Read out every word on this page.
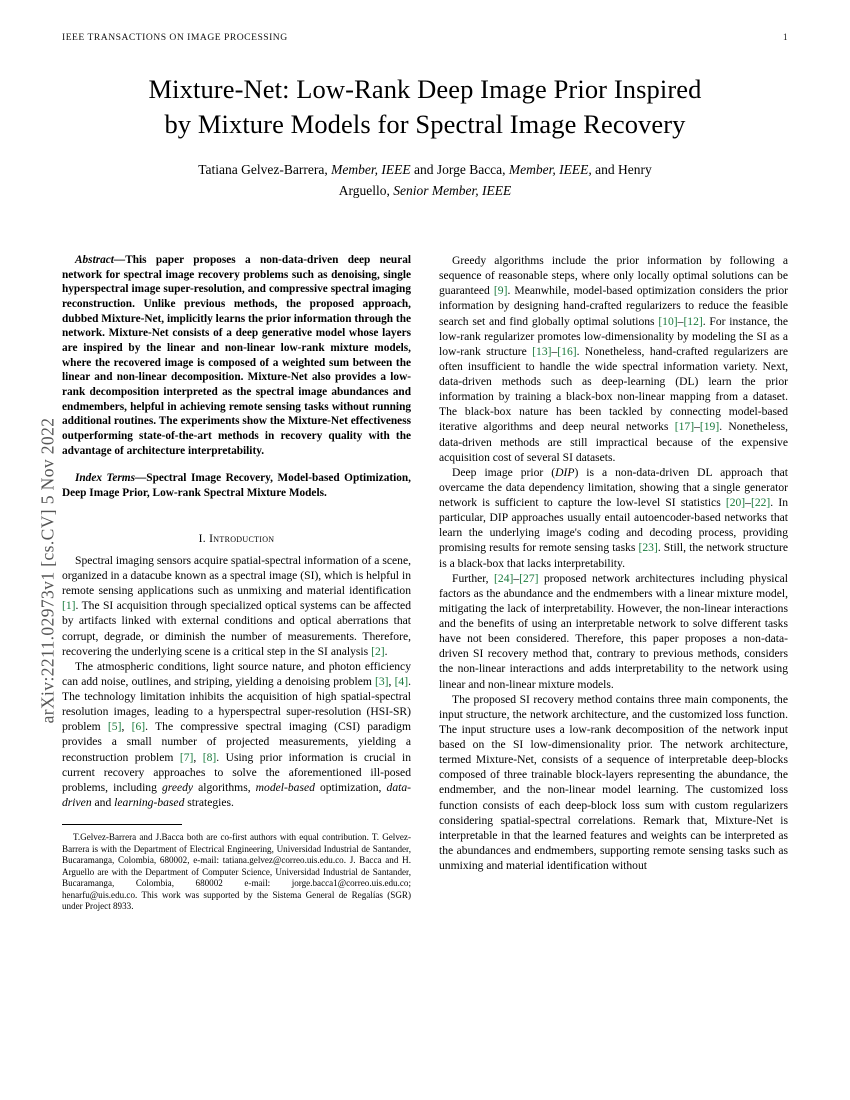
arXiv:2211.02973v1 [cs.CV] 5 Nov 2022
IEEE TRANSACTIONS ON IMAGE PROCESSING	1
Mixture-Net: Low-Rank Deep Image Prior Inspired
by Mixture Models for Spectral Image Recovery
Tatiana Gelvez-Barrera, Member, IEEE and Jorge Bacca, Member, IEEE, and Henry
Arguello, Senior Member, IEEE
Abstract—This paper proposes a non-data-driven deep neural network for spectral image recovery problems such as denoising, single hyperspectral image super-resolution, and compressive spectral imaging reconstruction. Unlike previous methods, the proposed approach, dubbed Mixture-Net, implicitly learns the prior information through the network. Mixture-Net consists of a deep generative model whose layers are inspired by the linear and non-linear low-rank mixture models, where the recovered image is composed of a weighted sum between the linear and non-linear decomposition. Mixture-Net also provides a low-rank decomposition interpreted as the spectral image abundances and endmembers, helpful in achieving remote sensing tasks without running additional routines. The experiments show the Mixture-Net effectiveness outperforming state-of-the-art methods in recovery quality with the advantage of architecture interpretability.
Index Terms—Spectral Image Recovery, Model-based Optimization, Deep Image Prior, Low-rank Spectral Mixture Models.
I. Introduction

Spectral imaging sensors acquire spatial-spectral information of a scene, organized in a datacube known as a spectral image (SI), which is helpful in remote sensing applications such as unmixing and material identification [1]. The SI acquisition through specialized optical systems can be affected by artifacts linked with external conditions and optical aberrations that corrupt, degrade, or diminish the number of measurements. Therefore, recovering the underlying scene is a critical step in the SI analysis [2].

The atmospheric conditions, light source nature, and photon efficiency can add noise, outlines, and striping, yielding a denoising problem [3], [4]. The technology limitation inhibits the acquisition of high spatial-spectral resolution images, leading to a hyperspectral super-resolution (HSI-SR) problem [5], [6]. The compressive spectral imaging (CSI) paradigm provides a small number of projected measurements, yielding a reconstruction problem [7], [8]. Using prior information is crucial in current recovery approaches to solve the aforementioned ill-posed problems, including greedy algorithms, model-based optimization, data-driven and learning-based strategies.

T.Gelvez-Barrera and J.Bacca both are co-first authors with equal contribution. T. Gelvez-Barrera is with the Department of Electrical Engineering, Universidad Industrial de Santander, Bucaramanga, Colombia, 680002, e-mail: tatiana.gelvez@correo.uis.edu.co. J. Bacca and H. Arguello are with the Department of Computer Science, Universidad Industrial de Santander, Bucaramanga, Colombia, 680002 e-mail: jorge.bacca1@correo.uis.edu.co; henarfu@uis.edu.co. This work was supported by the Sistema General de Regalías (SGR) under Project 8933.

Greedy algorithms include the prior information by following a sequence of reasonable steps, where only locally optimal solutions can be guaranteed [9]. Meanwhile, model-based optimization considers the prior information by designing hand-crafted regularizers to reduce the feasible search set and find globally optimal solutions [10]–[12]. For instance, the low-rank regularizer promotes low-dimensionality by modeling the SI as a low-rank structure [13]–[16]. Nonetheless, hand-crafted regularizers are often insufficient to handle the wide spectral information variety. Next, data-driven methods such as deep-learning (DL) learn the prior information by training a black-box non-linear mapping from a dataset. The black-box nature has been tackled by connecting model-based iterative algorithms and deep neural networks [17]–[19]. Nonetheless, data-driven methods are still impractical because of the expensive acquisition cost of several SI datasets.

Deep image prior (DIP) is a non-data-driven DL approach that overcame the data dependency limitation, showing that a single generator network is sufficient to capture the low-level SI statistics [20]–[22]. In particular, DIP approaches usually entail autoencoder-based networks that learn the underlying image's coding and decoding process, providing promising results for remote sensing tasks [23]. Still, the network structure is a black-box that lacks interpretability.

Further, [24]–[27] proposed network architectures including physical factors as the abundance and the endmembers with a linear mixture model, mitigating the lack of interpretability. However, the non-linear interactions and the benefits of using an interpretable network to solve different tasks have not been considered. Therefore, this paper proposes a non-data-driven SI recovery method that, contrary to previous methods, considers the non-linear interactions and adds interpretability to the network using linear and non-linear mixture models.

The proposed SI recovery method contains three main components, the input structure, the network architecture, and the customized loss function. The input structure uses a low-rank decomposition of the network input based on the SI low-dimensionality prior. The network architecture, termed Mixture-Net, consists of a sequence of interpretable deep-blocks composed of three trainable block-layers representing the abundance, the endmember, and the non-linear model learning. The customized loss function consists of each deep-block loss sum with custom regularizers considering spatial-spectral correlations. Remark that, Mixture-Net is interpretable in that the learned features and weights can be interpreted as the abundances and endmembers, supporting remote sensing tasks such as unmixing and material identification without
